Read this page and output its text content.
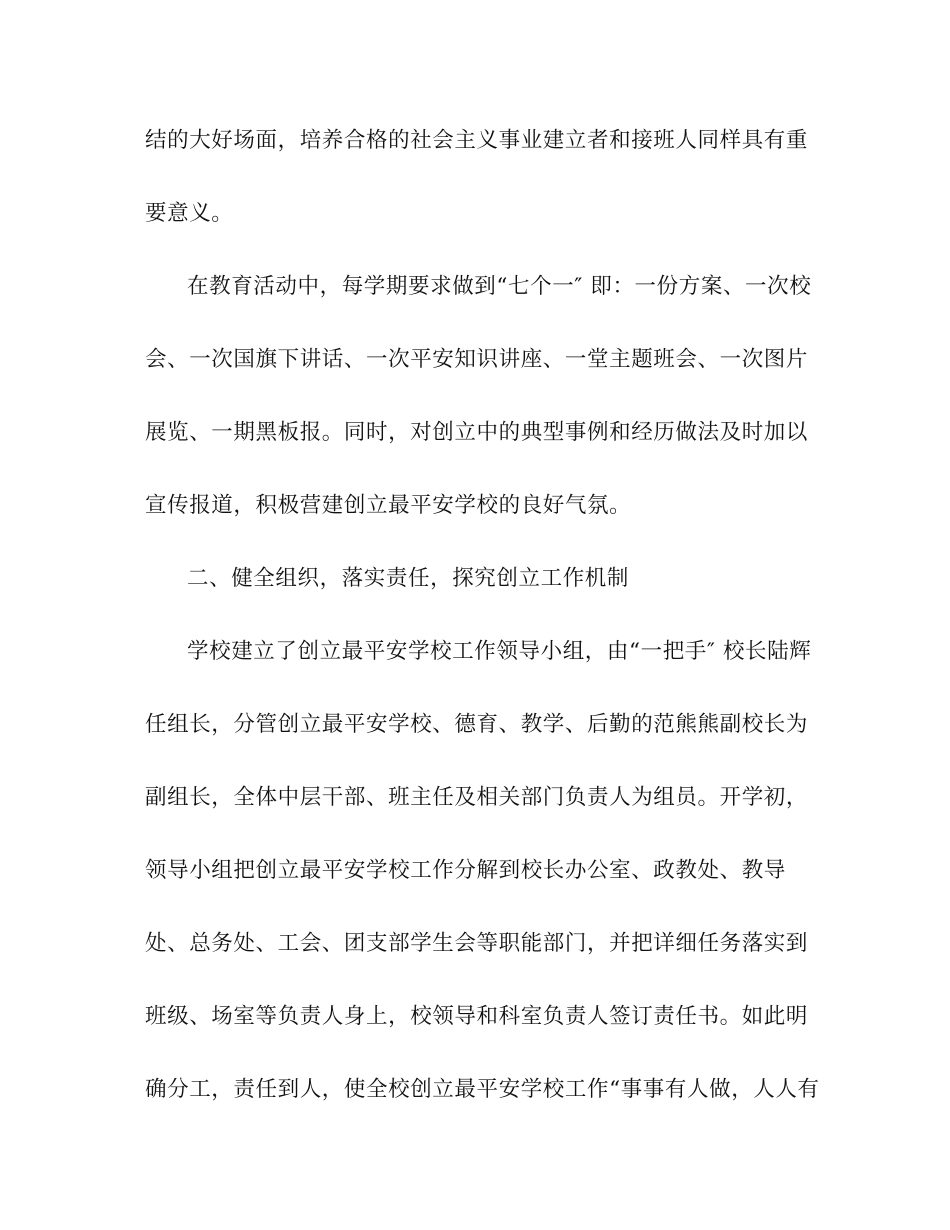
结的大好场面，培养合格的社会主义事业建立者和接班人同样具有重
要意义。
在教育活动中，每学期要求做到“七个一″ 即：一份方案、一次校
会、一次国旗下讲话、一次平安知识讲座、一堂主题班会、一次图片
展览、一期黑板报。同时，对创立中的典型事例和经历做法及时加以
宣传报道，积极营建创立最平安学校的良好气氛。
二、健全组织，落实责任，探究创立工作机制
学校建立了创立最平安学校工作领导小组，由“一把手″ 校长陆辉
任组长，分管创立最平安学校、德育、教学、后勤的范熊熊副校长为
副组长，全体中层干部、班主任及相关部门负责人为组员。开学初，
领导小组把创立最平安学校工作分解到校长办公室、政教处、教导
处、总务处、工会、团支部学生会等职能部门，并把详细任务落实到
班级、场室等负责人身上，校领导和科室负责人签订责任书。如此明
确分工，责任到人，使全校创立最平安学校工作“事事有人做，人人有
